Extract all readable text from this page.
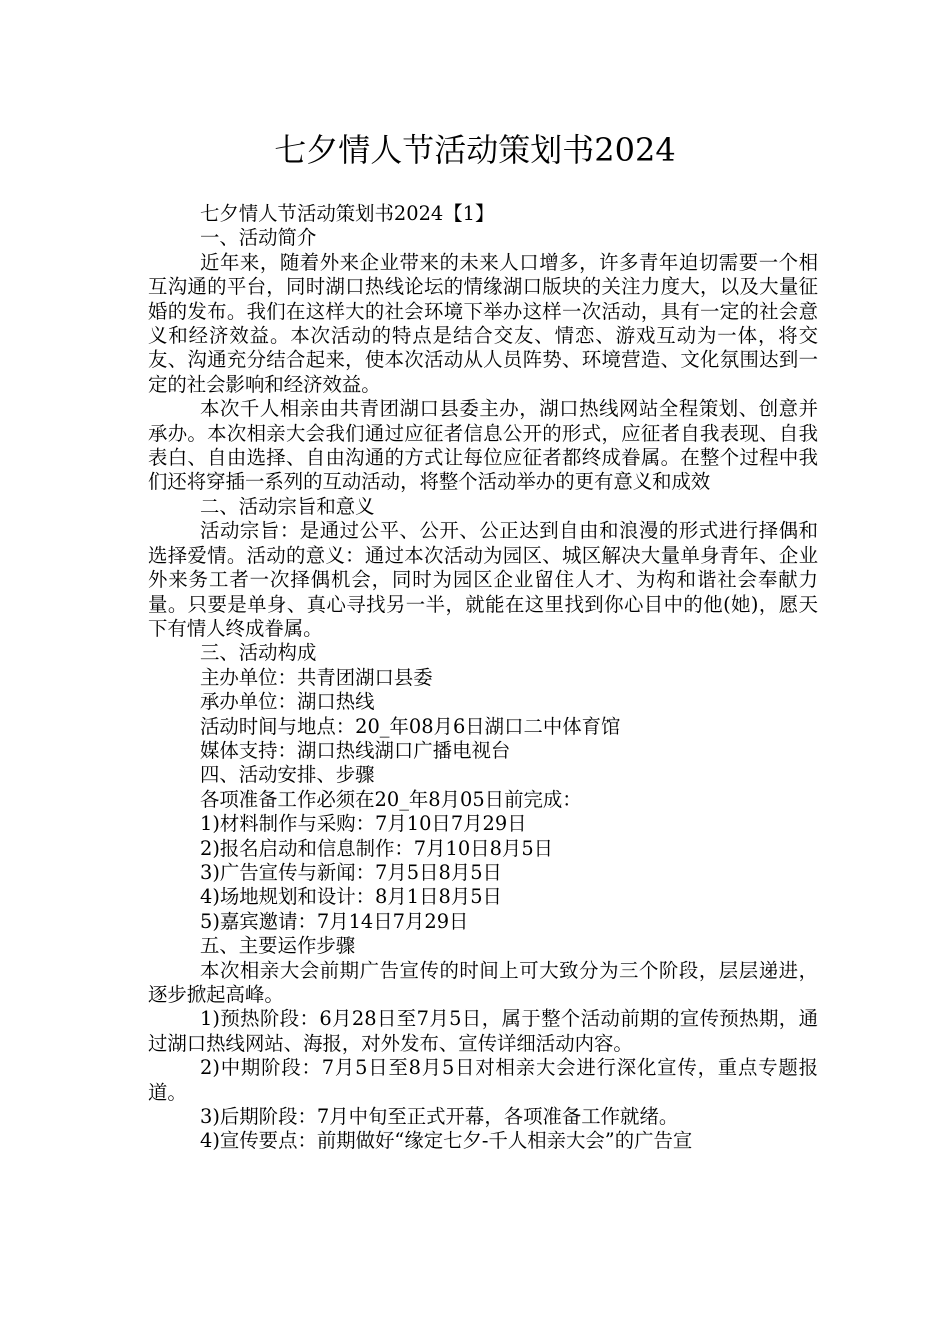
七夕情人节活动策划书2024

七夕情人节活动策划书2024【1】

一、活动简介

近年来，随着外来企业带来的未来人口增多，许多青年迫切需要一个相互沟通的平台，同时湖口热线论坛的情缘湖口版块的关注力度大，以及大量征婚的发布。我们在这样大的社会环境下举办这样一次活动，具有一定的社会意义和经济效益。本次活动的特点是结合交友、情恋、游戏互动为一体，将交友、沟通充分结合起来，使本次活动从人员阵势、环境营造、文化氛围达到一定的社会影响和经济效益。

本次千人相亲由共青团湖口县委主办，湖口热线网站全程策划、创意并承办。本次相亲大会我们通过应征者信息公开的形式，应征者自我表现、自我表白、自由选择、自由沟通的方式让每位应征者都终成眷属。在整个过程中我们还将穿插一系列的互动活动，将整个活动举办的更有意义和成效

二、活动宗旨和意义

活动宗旨：是通过公平、公开、公正达到自由和浪漫的形式进行择偶和选择爱情。活动的意义：通过本次活动为园区、城区解决大量单身青年、企业外来务工者一次择偶机会，同时为园区企业留住人才、为构和谐社会奉献力量。只要是单身、真心寻找另一半，就能在这里找到你心目中的他(她)，愿天下有情人终成眷属。

三、活动构成

主办单位：共青团湖口县委

承办单位：湖口热线

活动时间与地点：20_年08月6日湖口二中体育馆

媒体支持：湖口热线湖口广播电视台

四、活动安排、步骤

各项准备工作必须在20_年8月05日前完成：

1)材料制作与采购：7月10日7月29日

2)报名启动和信息制作：7月10日8月5日

3)广告宣传与新闻：7月5日8月5日

4)场地规划和设计：8月1日8月5日

5)嘉宾邀请：7月14日7月29日

五、主要运作步骤

本次相亲大会前期广告宣传的时间上可大致分为三个阶段，层层递进，逐步掀起高峰。

1)预热阶段：6月28日至7月5日，属于整个活动前期的宣传预热期，通过湖口热线网站、海报，对外发布、宣传详细活动内容。

2)中期阶段：7月5日至8月5日对相亲大会进行深化宣传，重点专题报道。

3)后期阶段：7月中旬至正式开幕，各项准备工作就绪。

4)宣传要点：前期做好“缘定七夕-千人相亲大会”的广告宣
